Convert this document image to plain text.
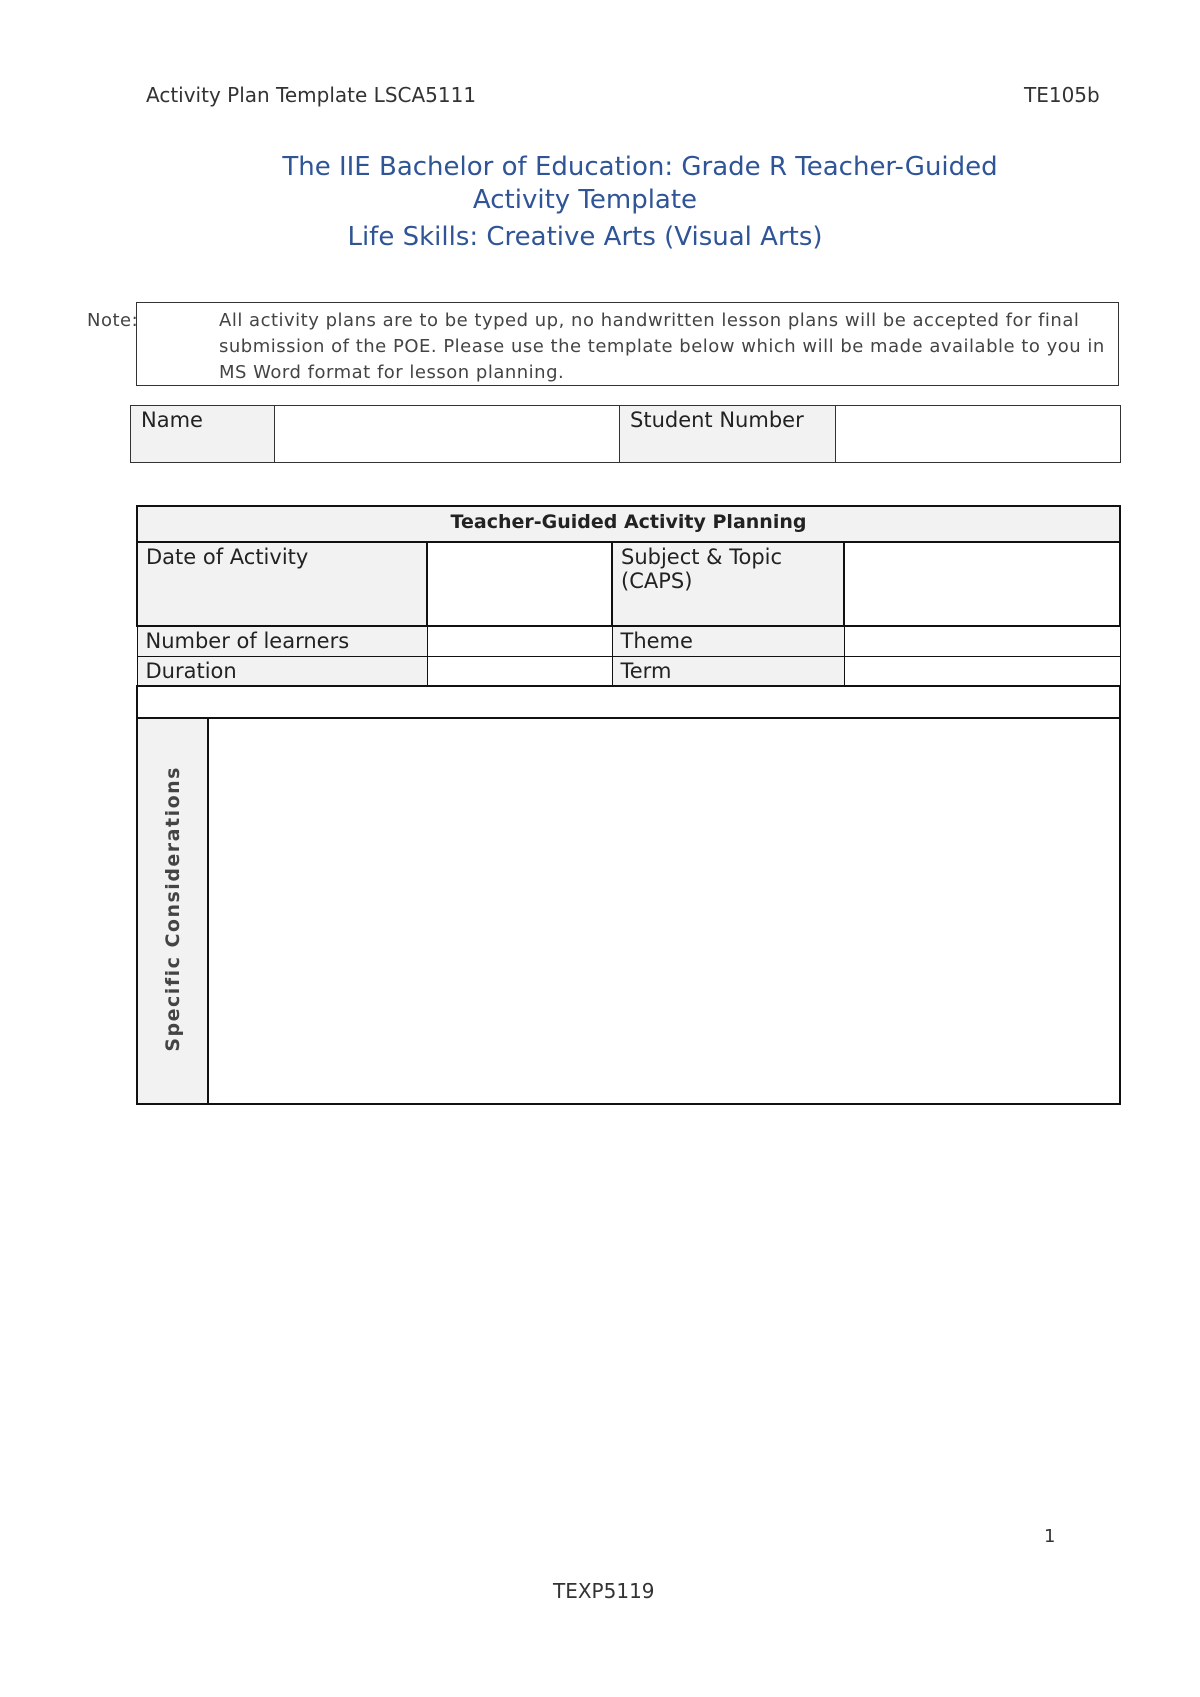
Activity Plan Template LSCA5111	TE105b
The IIE Bachelor of Education: Grade R Teacher-Guided
Activity Template
Life Skills: Creative Arts (Visual Arts)
Note:	All activity plans are to be typed up, no handwritten lesson plans will be accepted for final submission of the POE. Please use the template below which will be made available to you in MS Word format for lesson planning.
Name		Student Number	
Teacher-Guided Activity Planning				
Date of Activity			Subject & Topic (CAPS)	
Number of learners			Theme	
Duration			Term	

Specific Considerations				
1
TEXP5119
